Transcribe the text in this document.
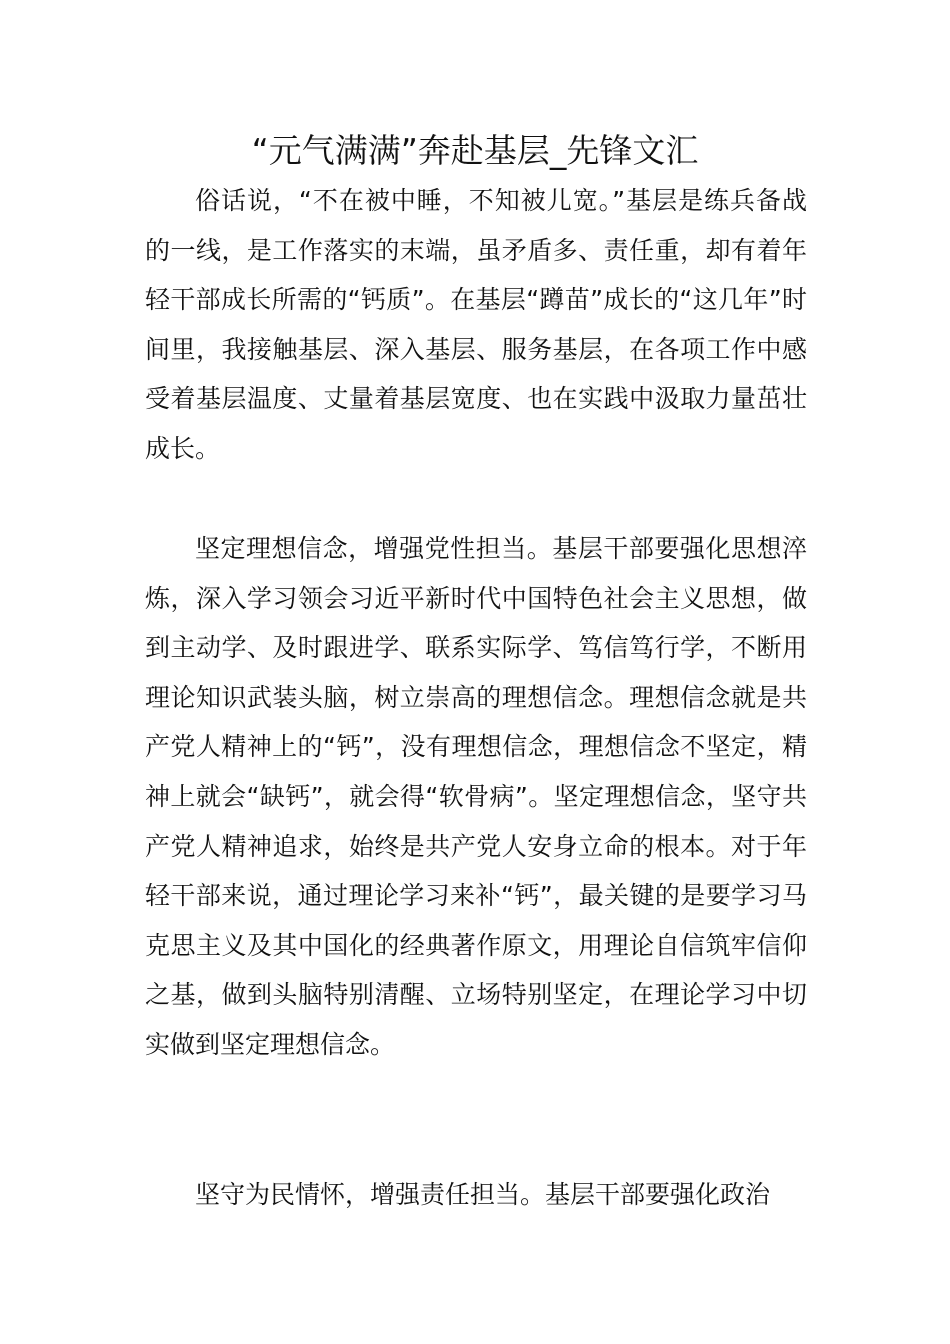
“元气满满”奔赴基层_先锋文汇

俗话说，“不在被中睡，不知被儿宽。”基层是练兵备战的一线，是工作落实的末端，虽矛盾多、责任重，却有着年轻干部成长所需的“钙质”。在基层“蹲苗”成长的“这几年”时间里，我接触基层、深入基层、服务基层，在各项工作中感受着基层温度、丈量着基层宽度、也在实践中汲取力量茁壮成长。

坚定理想信念，增强党性担当。基层干部要强化思想淬炼，深入学习领会习近平新时代中国特色社会主义思想，做到主动学、及时跟进学、联系实际学、笃信笃行学，不断用理论知识武装头脑，树立崇高的理想信念。理想信念就是共产党人精神上的“钙”，没有理想信念，理想信念不坚定，精神上就会“缺钙”，就会得“软骨病”。坚定理想信念，坚守共产党人精神追求，始终是共产党人安身立命的根本。对于年轻干部来说，通过理论学习来补“钙”，最关键的是要学习马克思主义及其中国化的经典著作原文，用理论自信筑牢信仰之基，做到头脑特别清醒、立场特别坚定，在理论学习中切实做到坚定理想信念。

坚守为民情怀，增强责任担当。基层干部要强化政治
